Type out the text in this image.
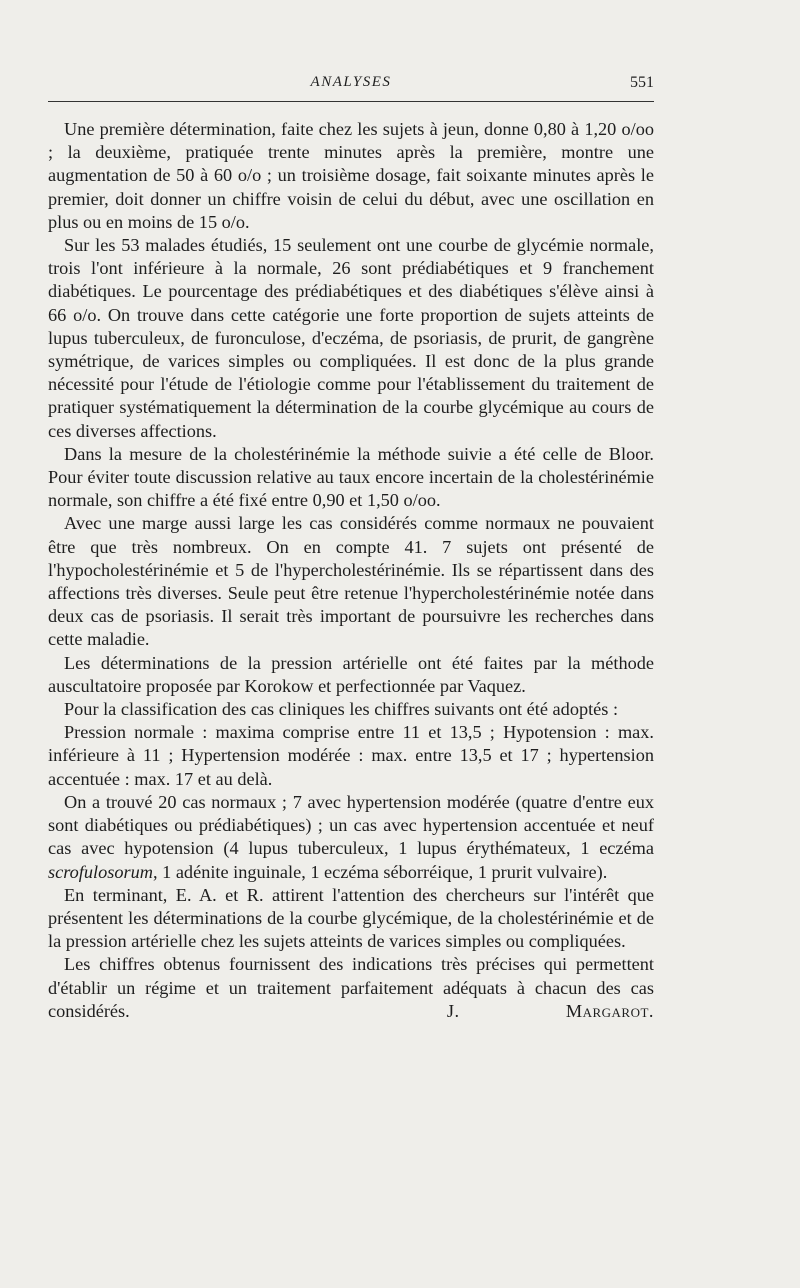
ANALYSES	551

Une première détermination, faite chez les sujets à jeun, donne 0,80 à 1,20 o/oo ; la deuxième, pratiquée trente minutes après la première, montre une augmentation de 50 à 60 o/o ; un troisième dosage, fait soixante minutes après le premier, doit donner un chiffre voisin de celui du début, avec une oscillation en plus ou en moins de 15 o/o.

Sur les 53 malades étudiés, 15 seulement ont une courbe de glycémie normale, trois l'ont inférieure à la normale, 26 sont prédiabétiques et 9 franchement diabétiques. Le pourcentage des prédiabétiques et des diabétiques s'élève ainsi à 66 o/o. On trouve dans cette catégorie une forte proportion de sujets atteints de lupus tuberculeux, de furonculose, d'eczéma, de psoriasis, de prurit, de gangrène symétrique, de varices simples ou compliquées. Il est donc de la plus grande nécessité pour l'étude de l'étiologie comme pour l'établissement du traitement de pratiquer systématiquement la détermination de la courbe glycémique au cours de ces diverses affections.

Dans la mesure de la cholestérinémie la méthode suivie a été celle de Bloor. Pour éviter toute discussion relative au taux encore incertain de la cholestérinémie normale, son chiffre a été fixé entre 0,90 et 1,50 o/oo.

Avec une marge aussi large les cas considérés comme normaux ne pouvaient être que très nombreux. On en compte 41. 7 sujets ont présenté de l'hypocholestérinémie et 5 de l'hypercholestérinémie. Ils se répartissent dans des affections très diverses. Seule peut être retenue l'hypercholestérinémie notée dans deux cas de psoriasis. Il serait très important de poursuivre les recherches dans cette maladie.

Les déterminations de la pression artérielle ont été faites par la méthode auscultatoire proposée par Korokow et perfectionnée par Vaquez.

Pour la classification des cas cliniques les chiffres suivants ont été adoptés :

Pression normale : maxima comprise entre 11 et 13,5 ; Hypotension : max. inférieure à 11 ; Hypertension modérée : max. entre 13,5 et 17 ; hypertension accentuée : max. 17 et au delà.

On a trouvé 20 cas normaux ; 7 avec hypertension modérée (quatre d'entre eux sont diabétiques ou prédiabétiques) ; un cas avec hypertension accentuée et neuf cas avec hypotension (4 lupus tuberculeux, 1 lupus érythémateux, 1 eczéma scrofulosorum, 1 adénite inguinale, 1 eczéma séborréique, 1 prurit vulvaire).

En terminant, E. A. et R. attirent l'attention des chercheurs sur l'intérêt que présentent les déterminations de la courbe glycémique, de la cholestérinémie et de la pression artérielle chez les sujets atteints de varices simples ou compliquées.

Les chiffres obtenus fournissent des indications très précises qui permettent d'établir un régime et un traitement parfaitement adéquats à chacun des cas considérés.	J. Margarot.
